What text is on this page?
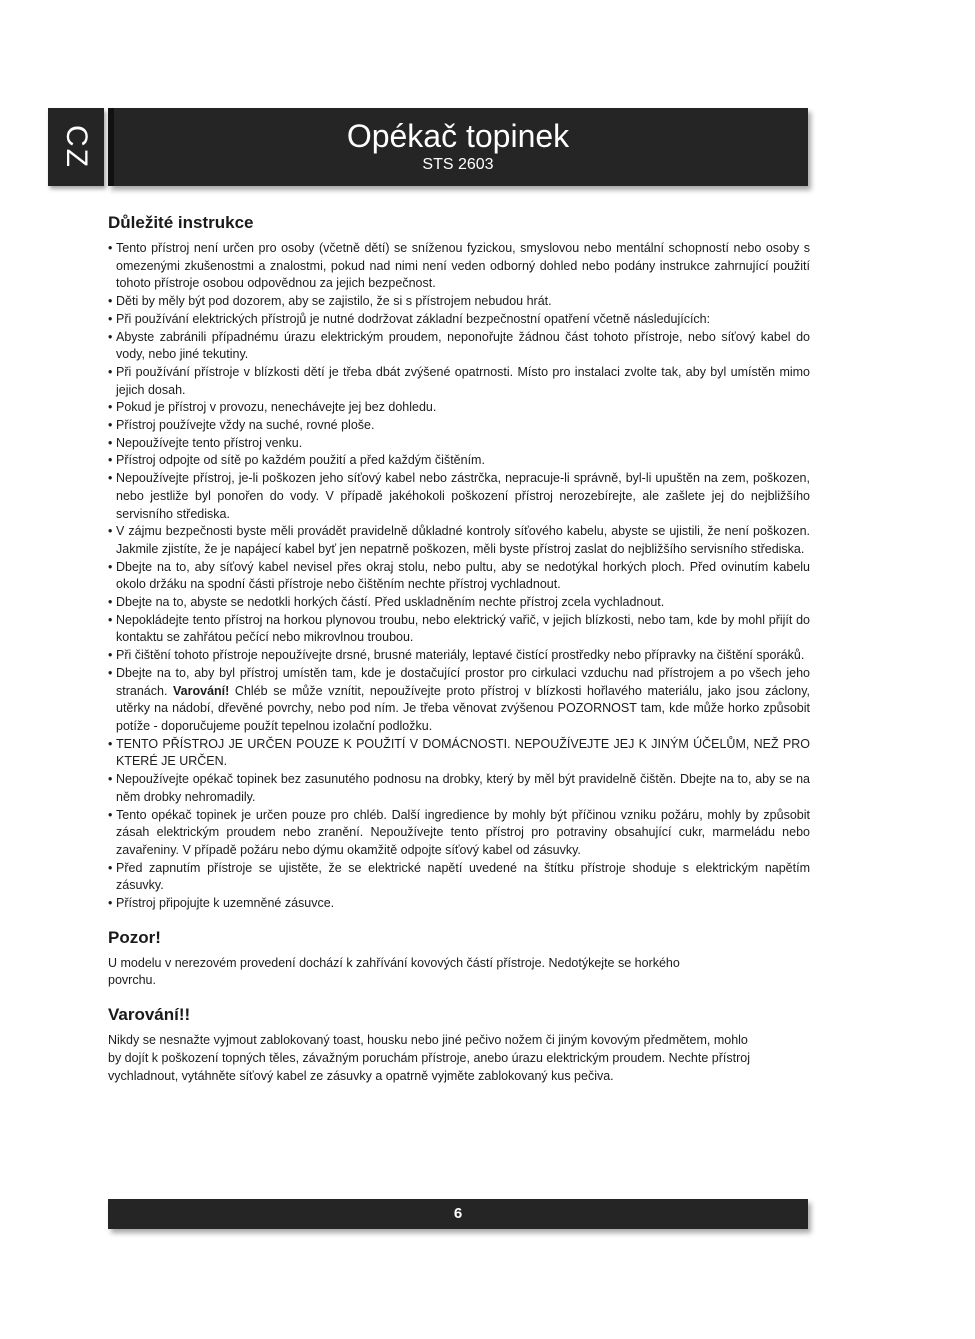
CZ	Opékač topinek
STS 2603
Důležité instrukce
• Tento přístroj není určen pro osoby (včetně dětí) se sníženou fyzickou, smyslovou nebo mentální schopností nebo osoby s omezenými zkušenostmi a znalostmi, pokud nad nimi není veden odborný dohled nebo podány instrukce zahrnující použití tohoto přístroje osobou odpovědnou za jejich bezpečnost.
• Děti by měly být pod dozorem, aby se zajistilo, že si s přístrojem nebudou hrát.
• Při používání elektrických přístrojů je nutné dodržovat základní bezpečnostní opatření včetně následujících:
• Abyste zabránili případnému úrazu elektrickým proudem, neponořujte žádnou část tohoto přístroje, nebo síťový kabel do vody, nebo jiné tekutiny.
• Při používání přístroje v blízkosti dětí je třeba dbát zvýšené opatrnosti. Místo pro instalaci zvolte tak, aby byl umístěn mimo jejich dosah.
• Pokud je přístroj v provozu, nenechávejte jej bez dohledu.
• Přístroj používejte vždy na suché, rovné ploše.
• Nepoužívejte tento přístroj venku.
• Přístroj odpojte od sítě po každém použití a před každým čištěním.
• Nepoužívejte přístroj, je-li poškozen jeho síťový kabel nebo zástrčka, nepracuje-li správně, byl-li upuštěn na zem, poškozen, nebo jestliže byl ponořen do vody. V případě jakéhokoli poškození přístroj nerozebírejte, ale zašlete jej do nejbližšího servisního střediska.
• V zájmu bezpečnosti byste měli provádět pravidelně důkladné kontroly síťového kabelu, abyste se ujistili, že není poškozen. Jakmile zjistíte, že je napájecí kabel byť jen nepatrně poškozen, měli byste přístroj zaslat do nejbližšího servisního střediska.
• Dbejte na to, aby síťový kabel nevisel přes okraj stolu, nebo pultu, aby se nedotýkal horkých ploch. Před ovinutím kabelu okolo držáku na spodní části přístroje nebo čištěním nechte přístroj vychladnout.
• Dbejte na to, abyste se nedotkli horkých částí. Před uskladněním nechte přístroj zcela vychladnout.
• Nepokládejte tento přístroj na horkou plynovou troubu, nebo elektrický vařič, v jejich blízkosti, nebo tam, kde by mohl přijít do kontaktu se zahřátou pečící nebo mikrovlnou troubou.
• Při čištění tohoto přístroje nepoužívejte drsné, brusné materiály, leptavé čistící prostředky nebo přípravky na čištění sporáků.
• Dbejte na to, aby byl přístroj umístěn tam, kde je dostačující prostor pro cirkulaci vzduchu nad přístrojem a po všech jeho stranách. Varování! Chléb se může vznítit, nepoužívejte proto přístroj v blízkosti hořlavého materiálu, jako jsou záclony, utěrky na nádobí, dřevěné povrchy, nebo pod ním. Je třeba věnovat zvýšenou POZORNOST tam, kde může horko způsobit potíže - doporučujeme použít tepelnou izolační podložku.
• TENTO PŘÍSTROJ JE URČEN POUZE K POUŽITÍ V DOMÁCNOSTI. NEPOUŽÍVEJTE JEJ K JINÝM ÚČELŮM, NEŽ PRO KTERÉ JE URČEN.
• Nepoužívejte opékač topinek bez zasunutého podnosu na drobky, který by měl být pravidelně čištěn. Dbejte na to, aby se na něm drobky nehromadily.
• Tento opékač topinek je určen pouze pro chléb. Další ingredience by mohly být příčinou vzniku požáru, mohly by způsobit zásah elektrickým proudem nebo zranění. Nepoužívejte tento přístroj pro potraviny obsahující cukr, marmeládu nebo zavařeniny. V případě požáru nebo dýmu okamžitě odpojte síťový kabel od zásuvky.
• Před zapnutím přístroje se ujistěte, že se elektrické napětí uvedené na štítku přístroje shoduje s elektrickým napětím zásuvky.
• Přístroj připojujte k uzemněné zásuvce.
Pozor!

U modelu v nerezovém provedení dochází k zahřívání kovových částí přístroje. Nedotýkejte se horkého povrchu.

Varování!!

Nikdy se nesnažte vyjmout zablokovaný toast, housku nebo jiné pečivo nožem či jiným kovovým předmětem, mohlo by dojít k poškození topných těles, závažným poruchám přístroje, anebo úrazu elektrickým proudem. Nechte přístroj vychladnout, vytáhněte síťový kabel ze zásuvky a opatrně vyjměte zablokovaný kus pečiva.

6
